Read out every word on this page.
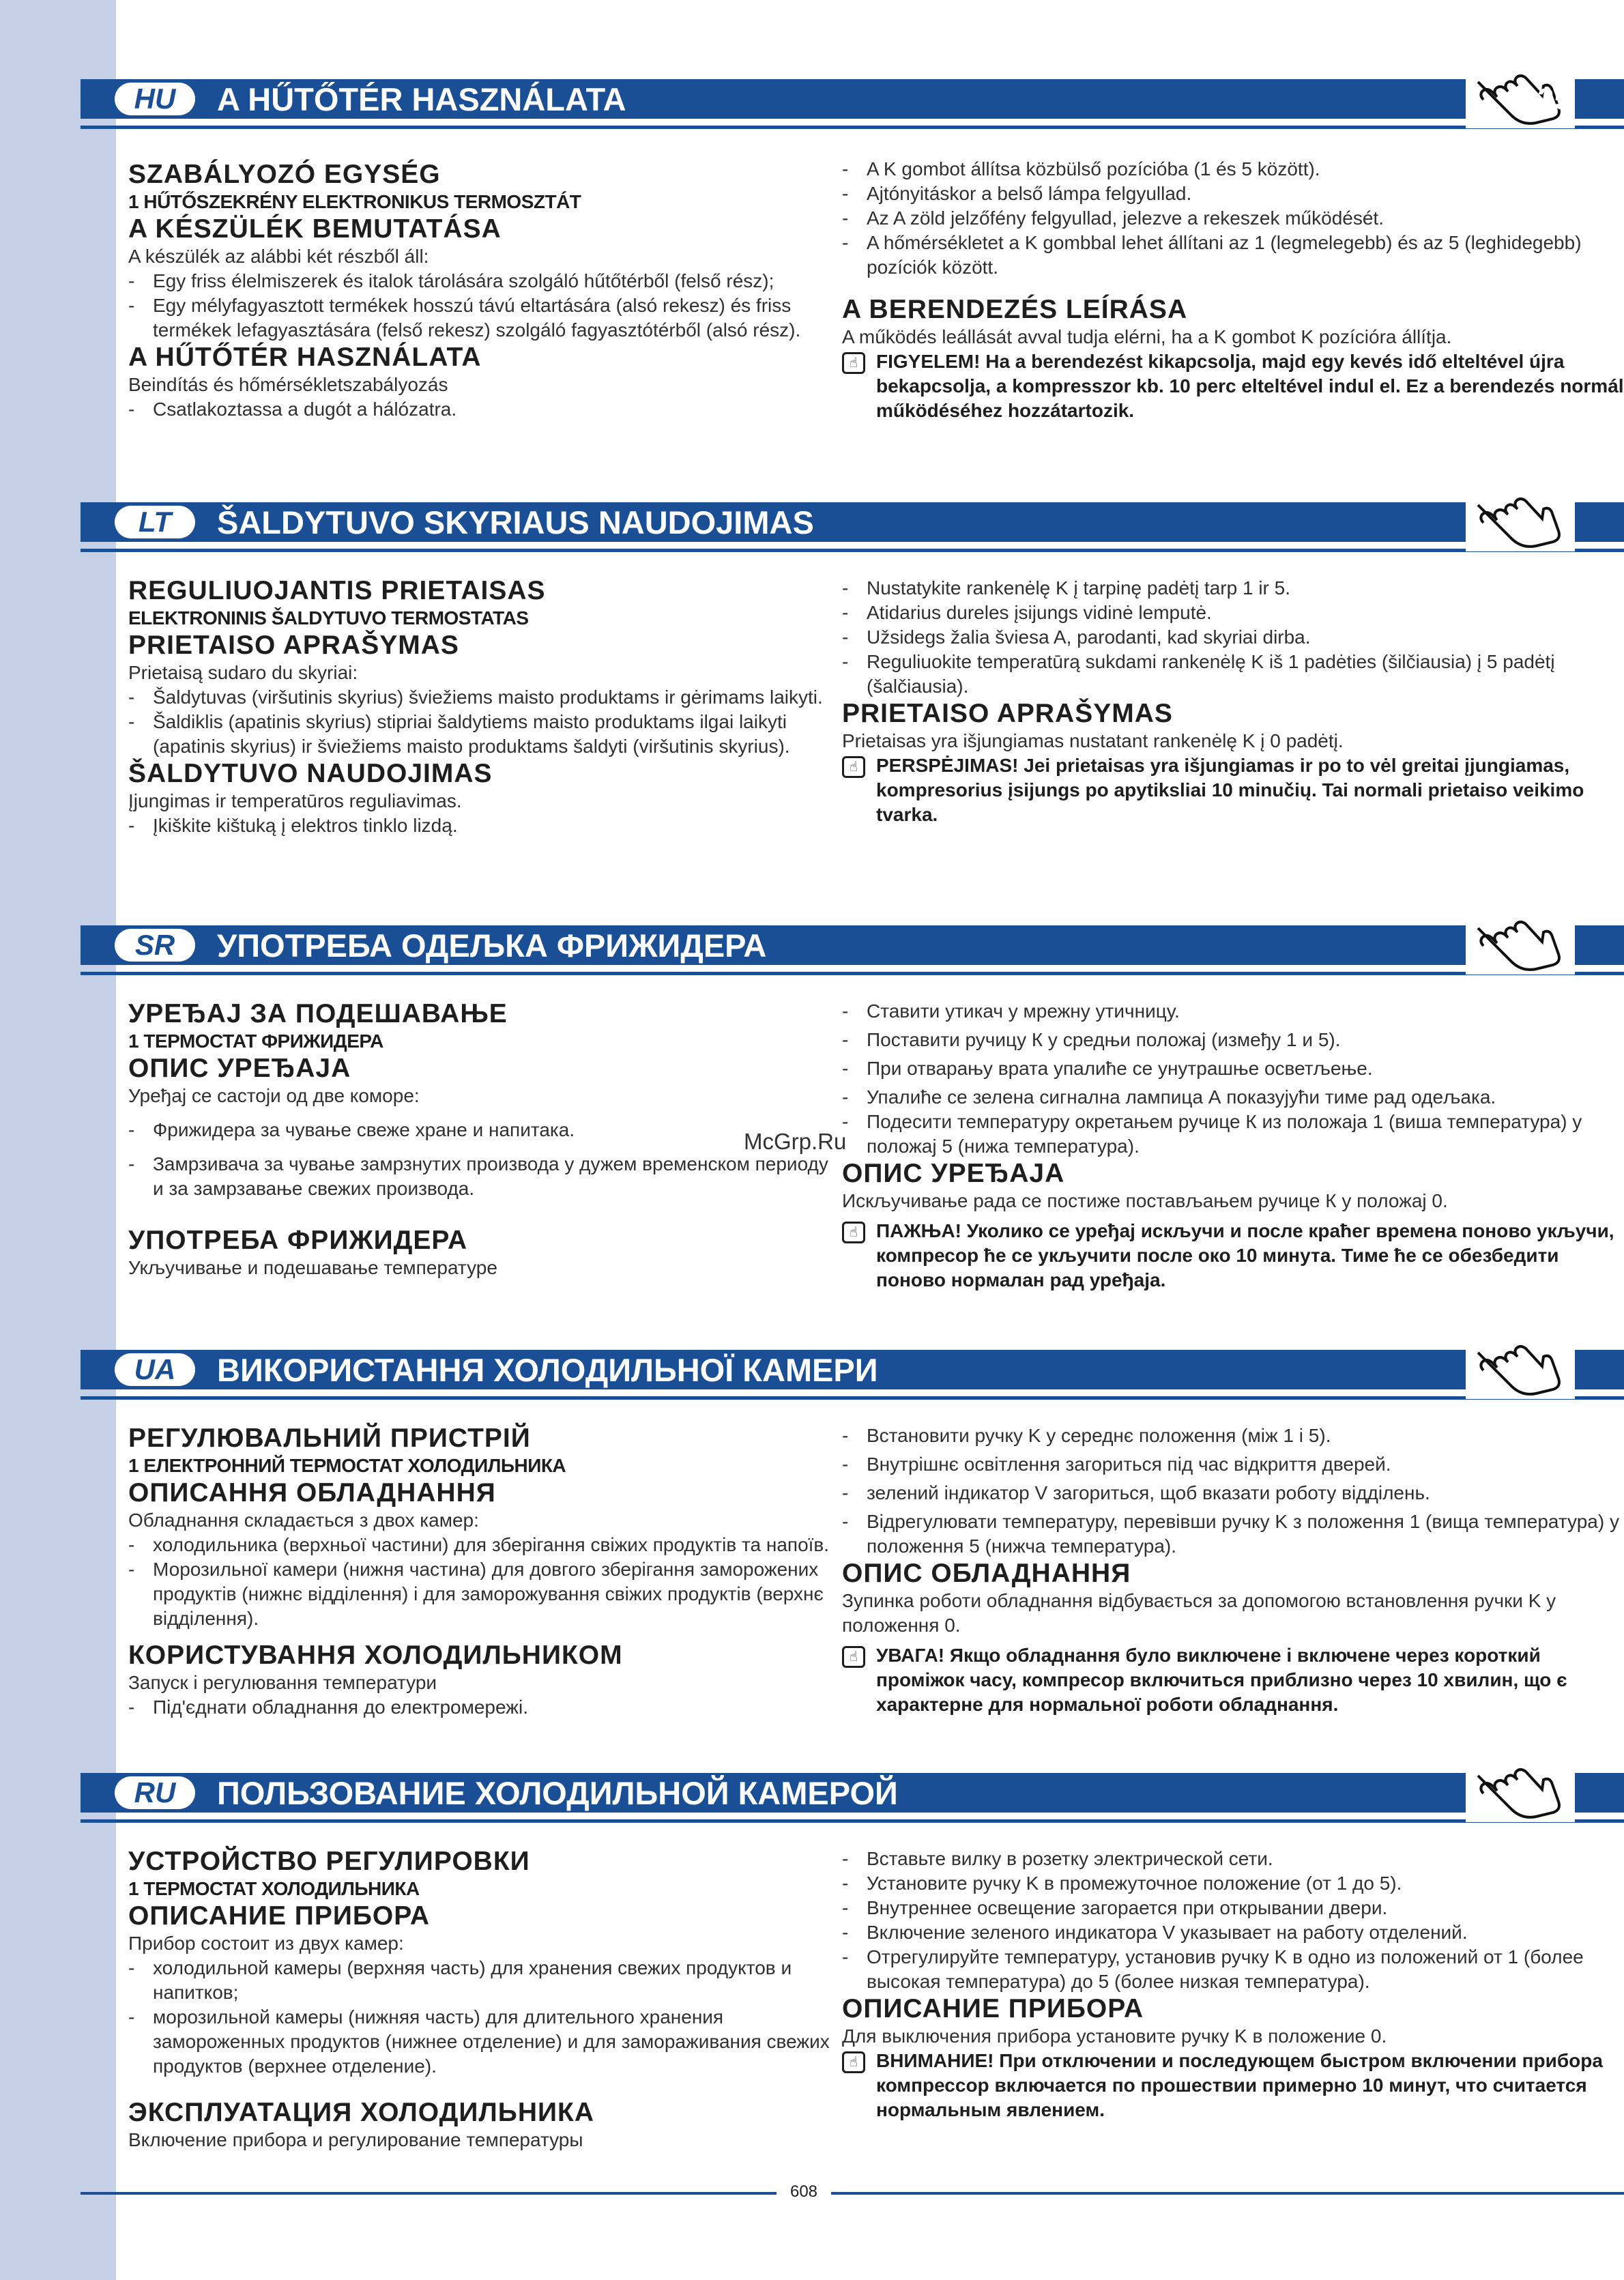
HU	A HŰTŐTÉR HASZNÁLATA	25

SZABÁLYOZÓ EGYSÉG

1 HŰTŐSZEKRÉNY ELEKTRONIKUS TERMOSZTÁT

A KÉSZÜLÉK BEMUTATÁSA

A készülék az alábbi két részből áll:

- Egy friss élelmiszerek és italok tárolására szolgáló hűtőtérből (felső rész);

- Egy mélyfagyasztott termékek hosszú távú eltartására (alsó rekesz) és friss termékek lefagyasztására (felső rekesz) szolgáló fagyasztótérből (alsó rész).

A HŰTŐTÉR HASZNÁLATA

Beindítás és hőmérsékletszabályozás

- Csatlakoztassa a dugót a hálózatra.

- A K gombot állítsa közbülső pozícióba (1 és 5 között).

- Ajtónyitáskor a belső lámpa felgyullad.

- Az A zöld jelzőfény felgyullad, jelezve a rekeszek működését.

- A hőmérsékletet a K gombbal lehet állítani az 1 (legmelegebb) és az 5 (leghidegebb) pozíciók között.

A BERENDEZÉS LEÍRÁSA

A működés leállását avval tudja elérni, ha a K gombot K pozícióra állítja.

☝ FIGYELEM! Ha a berendezést kikapcsolja, majd egy kevés idő elteltével újra bekapcsolja, a kompresszor kb. 10 perc elteltével indul el. Ez a berendezés normál működéséhez hozzátartozik.

LT	ŠALDYTUVO SKYRIAUS NAUDOJIMAS

REGULIUOJANTIS PRIETAISAS

ELEKTRONINIS ŠALDYTUVO TERMOSTATAS

PRIETAISO APRAŠYMAS

Prietaisą sudaro du skyriai:

- Šaldytuvas (viršutinis skyrius) šviežiems maisto produktams ir gėrimams laikyti.

- Šaldiklis (apatinis skyrius) stipriai šaldytiems maisto produktams ilgai laikyti (apatinis skyrius) ir šviežiems maisto produktams šaldyti (viršutinis skyrius).

ŠALDYTUVO NAUDOJIMAS

Įjungimas ir temperatūros reguliavimas.

- Įkiškite kištuką į elektros tinklo lizdą.

- Nustatykite rankenėlę K į tarpinę padėtį tarp 1 ir 5.

- Atidarius dureles įsijungs vidinė lemputė.

- Užsidegs žalia šviesa A, parodanti, kad skyriai dirba.

- Reguliuokite temperatūrą sukdami rankenėlę K iš 1 padėties (šilčiausia) į 5 padėtį (šalčiausia).

PRIETAISO APRAŠYMAS

Prietaisas yra išjungiamas nustatant rankenėlę K į 0 padėtį.

☝ PERSPĖJIMAS! Jei prietaisas yra išjungiamas ir po to vėl greitai įjungiamas, kompresorius įsijungs po apytiksliai 10 minučių. Tai normali prietaiso veikimo tvarka.

SR	УПОТРЕБА ОДЕЉКА ФРИЖИДЕРА

УРЕЂАЈ ЗА ПОДЕШАВАЊЕ

1 ТЕРМОСТАТ ФРИЖИДЕРА

ОПИС УРЕЂАЈА

Уређај се састоји од две коморе:

- Фрижидера за чување свеже хране и напитака.

- Замрзивача за чување замрзнутих производа у дужем временском периоду и за замрзавање свежих производа.

УПОТРЕБА ФРИЖИДЕРА

Укључивање и подешавање температуре

- Ставити утикач у мрежну утичницу.

- Поставити ручицу К у средњи положај (између 1 и 5).

- При отварању врата упалиће се унутрашње осветљење.

- Упалиће се зелена сигнална лампица А показујући тиме рад одељака.

- Подесити температуру окретањем ручице К из положаја 1 (виша температура) у положај 5 (нижа температура).

ОПИС УРЕЂАЈА

Искључивање рада се постиже постављањем ручице К у положај 0.

☝ ПАЖЊА! Уколико се уређај искључи и после краћег времена поново укључи, компресор ће се укључити после око 10 минута. Тиме ће се обезбедити поново нормалан рад уређаја.

UA	ВИКОРИСТАННЯ ХОЛОДИЛЬНОЇ КАМЕРИ

РЕГУЛЮВАЛЬНИЙ ПРИСТРІЙ

1 ЕЛЕКТРОННИЙ ТЕРМОСТАТ ХОЛОДИЛЬНИКА

ОПИСАННЯ ОБЛАДНАННЯ

Обладнання складається з двох камер:

- холодильника (верхньої частини) для зберігання свіжих продуктів та напоїв.

- Морозильної камери (нижня частина) для довгого зберігання заморожених продуктів (нижнє відділення) і для заморожування свіжих продуктів (верхнє відділення).

КОРИСТУВАННЯ ХОЛОДИЛЬНИКОМ

Запуск і регулювання температури

- Під'єднати обладнання до електромережі.

- Встановити ручку K у середнє положення (між 1 і 5).

- Внутрішнє освітлення загориться під час відкриття дверей.

- зелений індикатор V загориться, щоб вказати роботу відділень.

- Відрегулювати температуру, перевівши ручку K з положення 1 (вища температура) у положення 5 (нижча температура).

ОПИС ОБЛАДНАННЯ

Зупинка роботи обладнання відбувається за допомогою встановлення ручки K у положення 0.

☝ УВАГА! Якщо обладнання було виключене і включене через короткий проміжок часу, компресор включиться приблизно через 10 хвилин, що є характерне для нормальної роботи обладнання.

RU	ПОЛЬЗОВАНИЕ ХОЛОДИЛЬНОЙ КАМЕРОЙ

УСТРОЙСТВО РЕГУЛИРОВКИ

1 ТЕРМОСТАТ ХОЛОДИЛЬНИКА

ОПИСАНИЕ ПРИБОРА

Прибор состоит из двух камер:

- холодильной камеры (верхняя часть) для хранения свежих продуктов и напитков;

- морозильной камеры (нижняя часть) для длительного хранения замороженных продуктов (нижнее отделение) и для замораживания свежих продуктов (верхнее отделение).

ЭКСПЛУАТАЦИЯ ХОЛОДИЛЬНИКА

Включение прибора и регулирование температуры

- Вставьте вилку в розетку электрической сети.

- Установите ручку K в промежуточное положение (от 1 до 5).

- Внутреннее освещение загорается при открывании двери.

- Включение зеленого индикатора V указывает на работу отделений.

- Отрегулируйте температуру, установив ручку K в одно из положений от 1 (более высокая температура) до 5 (более низкая температура).

ОПИСАНИЕ ПРИБОРА

Для выключения прибора установите ручку K в положение 0.

☝ ВНИМАНИЕ! При отключении и последующем быстром включении прибора компрессор включается по прошествии примерно 10 минут, что считается нормальным явлением.

McGrp.Ru
608
